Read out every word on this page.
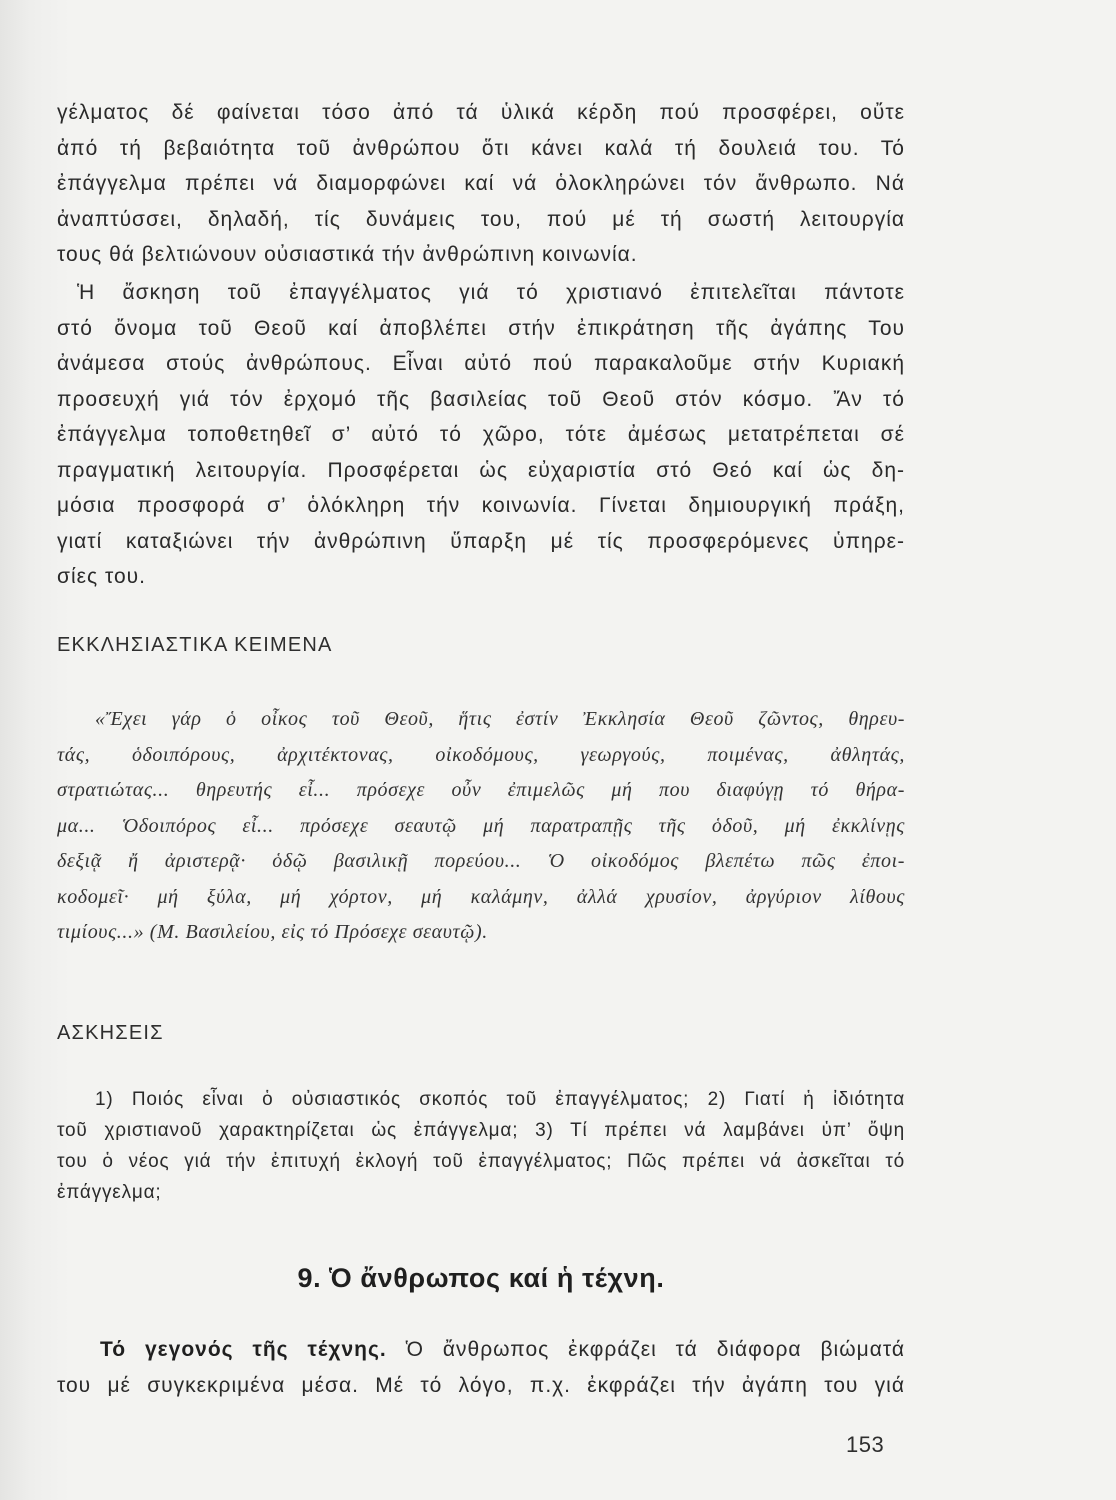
γέλματος δέ φαίνεται τόσο ἀπό τά ὑλικά κέρδη πού προσφέρει, οὔτε
ἀπό τή βεβαιότητα τοῦ ἀνθρώπου ὅτι κάνει καλά τή δουλειά του. Τό
ἐπάγγελμα πρέπει νά διαμορφώνει καί νά ὁλοκληρώνει τόν ἄνθρωπο. Νά
ἀναπτύσσει, δηλαδή, τίς δυνάμεις του, πού μέ τή σωστή λειτουργία
τους θά βελτιώνουν οὐσιαστικά τήν ἀνθρώπινη κοινωνία.
Ἡ ἄσκηση τοῦ ἐπαγγέλματος γιά τό χριστιανό ἐπιτελεῖται πάντοτε
στό ὄνομα τοῦ Θεοῦ καί ἀποβλέπει στήν ἐπικράτηση τῆς ἀγάπης Του
ἀνάμεσα στούς ἀνθρώπους. Εἶναι αὐτό πού παρακαλοῦμε στήν Κυριακή
προσευχή γιά τόν ἐρχομό τῆς βασιλείας τοῦ Θεοῦ στόν κόσμο. Ἄν τό
ἐπάγγελμα τοποθετηθεῖ σ’ αὐτό τό χῶρο, τότε ἀμέσως μετατρέπεται σέ
πραγματική λειτουργία. Προσφέρεται ὡς εὐχαριστία στό Θεό καί ὡς δη-
μόσια προσφορά σ’ ὁλόκληρη τήν κοινωνία. Γίνεται δημιουργική πράξη,
γιατί καταξιώνει τήν ἀνθρώπινη ὕπαρξη μέ τίς προσφερόμενες ὑπηρε-
σίες του.
ΕΚΚΛΗΣΙΑΣΤΙΚΑ ΚΕΙΜΕΝΑ
«Ἔχει γάρ ὁ οἶκος τοῦ Θεοῦ, ἥτις ἐστίν Ἐκκλησία Θεοῦ ζῶντος, θηρευ-
τάς, ὁδοιπόρους, ἀρχιτέκτονας, οἰκοδόμους, γεωργούς, ποιμένας, ἀθλητάς,
στρατιώτας... θηρευτής εἶ... πρόσεχε οὖν ἐπιμελῶς μή που διαφύγῃ τό θήρα-
μα... Ὁδοιπόρος εἶ... πρόσεχε σεαυτῷ μή παρατραπῇς τῆς ὁδοῦ, μή ἐκκλίνῃς
δεξιᾷ ἤ ἀριστερᾷ· ὁδῷ βασιλικῇ πορεύου... Ὁ οἰκοδόμος βλεπέτω πῶς ἐποι-
κοδομεῖ· μή ξύλα, μή χόρτον, μή καλάμην, ἀλλά χρυσίον, ἀργύριον λίθους
τιμίους...» (Μ. Βασιλείου, εἰς τό Πρόσεχε σεαυτῷ).
ΑΣΚΗΣΕΙΣ
1) Ποιός εἶναι ὁ οὐσιαστικός σκοπός τοῦ ἐπαγγέλματος; 2) Γιατί ἡ ἰδιότητα
τοῦ χριστιανοῦ χαρακτηρίζεται ὡς ἐπάγγελμα; 3) Τί πρέπει νά λαμβάνει ὑπ’ ὄψη
του ὁ νέος γιά τήν ἐπιτυχή ἐκλογή τοῦ ἐπαγγέλματος; Πῶς πρέπει νά ἀσκεῖται τό
ἐπάγγελμα;
9. Ὁ ἄνθρωπος καί ἡ τέχνη.
Τό γεγονός τῆς τέχνης. Ὁ ἄνθρωπος ἐκφράζει τά διάφορα βιώματά
του μέ συγκεκριμένα μέσα. Μέ τό λόγο, π.χ. ἐκφράζει τήν ἀγάπη του γιά
153
